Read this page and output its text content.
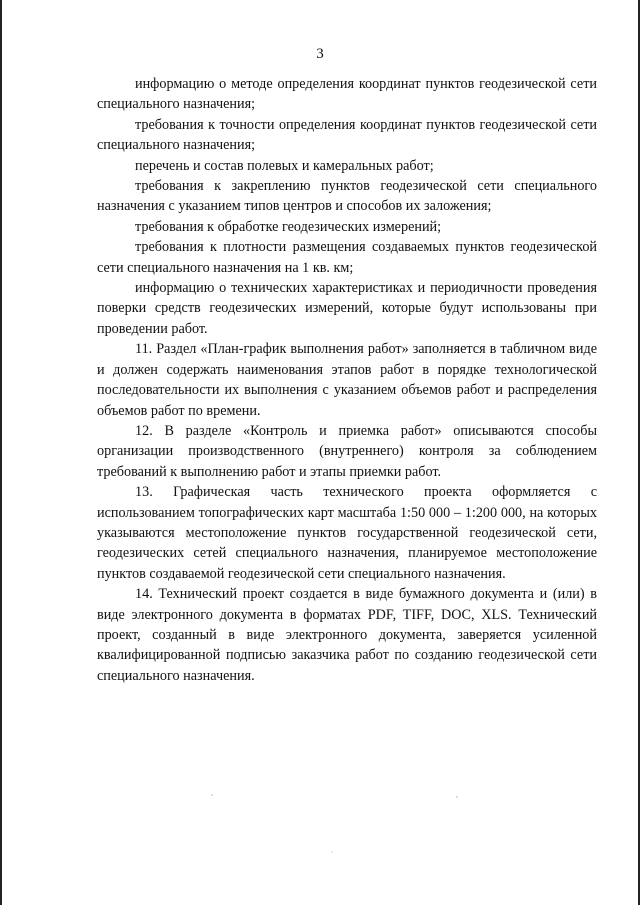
3

информацию о методе определения координат пунктов геодезической сети специального назначения;

требования к точности определения координат пунктов геодезической сети специального назначения;

перечень и состав полевых и камеральных работ;

требования к закреплению пунктов геодезической сети специального назначения с указанием типов центров и способов их заложения;

требования к обработке геодезических измерений;

требования к плотности размещения создаваемых пунктов геодезической сети специального назначения на 1 кв. км;

информацию о технических характеристиках и периодичности проведения поверки средств геодезических измерений, которые будут использованы при проведении работ.

11. Раздел «План-график выполнения работ» заполняется в табличном виде и должен содержать наименования этапов работ в порядке технологической последовательности их выполнения с указанием объемов работ и распределения объемов работ по времени.

12. В разделе «Контроль и приемка работ» описываются способы организации производственного (внутреннего) контроля за соблюдением требований к выполнению работ и этапы приемки работ.

13. Графическая часть технического проекта оформляется с использованием топографических карт масштаба 1:50 000 – 1:200 000, на которых указываются местоположение пунктов государственной геодезической сети, геодезических сетей специального назначения, планируемое местоположение пунктов создаваемой геодезической сети специального назначения.

14. Технический проект создается в виде бумажного документа и (или) в виде электронного документа в форматах PDF, TIFF, DOC, XLS. Технический проект, созданный в виде электронного документа, заверяется усиленной квалифицированной подписью заказчика работ по созданию геодезической сети специального назначения.
